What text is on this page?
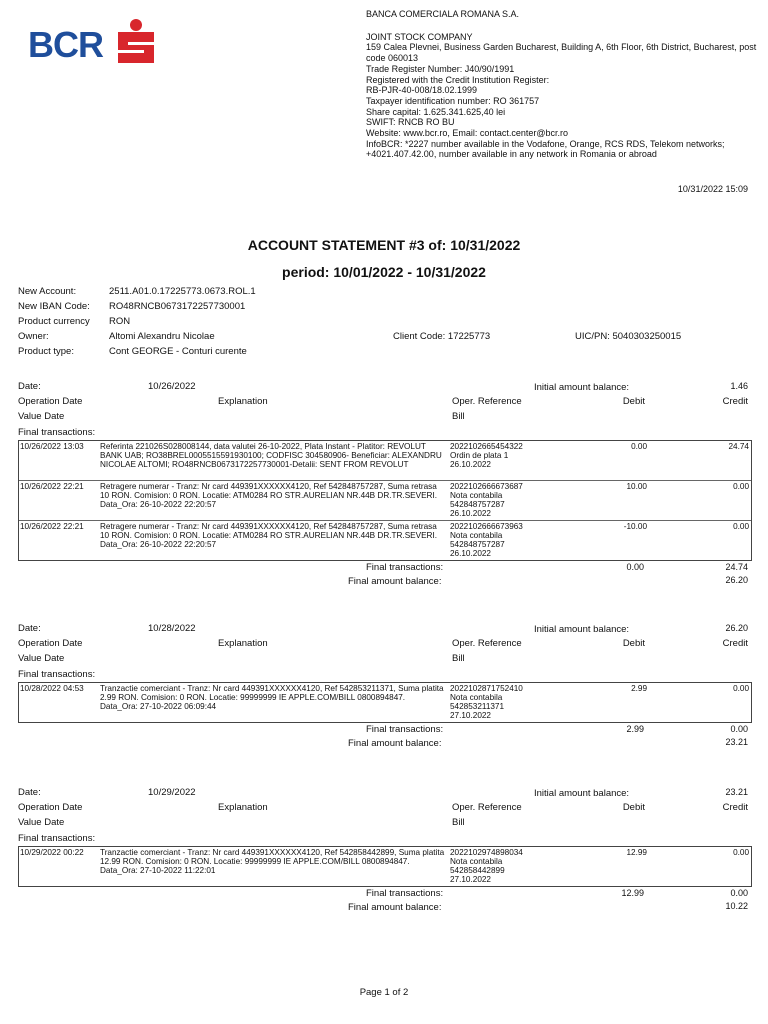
BCR
BANCA COMERCIALA ROMANA S.A.
JOINT STOCK COMPANY
159 Calea Plevnei, Business Garden Bucharest, Building A, 6th Floor, 6th District, Bucharest, post code 060013
Trade Register Number: J40/90/1991
Registered with the Credit Institution Register:
RB-PJR-40-008/18.02.1999
Taxpayer identification number: RO 361757
Share capital: 1.625.341.625,40 lei
SWIFT: RNCB RO BU
Website: www.bcr.ro, Email: contact.center@bcr.ro
InfoBCR: *2227 number available in the Vodafone, Orange, RCS RDS, Telekom networks;
+4021.407.42.00, number available in any network in Romania or abroad
10/31/2022 15:09
ACCOUNT STATEMENT #3 of: 10/31/2022
period: 10/01/2022 - 10/31/2022
New Account:	2511.A01.0.17225773.0673.ROL.1
New IBAN Code: RO48RNCB0673172257730001
Product currency RON
Owner:	Altomi Alexandru Nicolae	Client Code: 17225773	UIC/PN: 5040303250015
Product type:	Cont GEORGE - Conturi curente
Date:	10/26/2022	Initial amount balance:	1.46
Operation Date	Explanation	Oper. Reference	Debit	Credit
Value Date	Bill
Final transactions:
10/26/2022 13:03	Referinta 221026S028008144, data valutei 26-10-2022, Plata Instant - Platitor: REVOLUT BANK UAB; RO38BREL0005515591930100; CODFISC 304580906- Beneficiar: ALEXANDRU NICOLAE ALTOMI; RO48RNCB0673172257730001-Detalii: SENT FROM REVOLUT
2022102665454322
Ordin de plata 1
26.10.2022
0.00	24.74
10/26/2022 22:21	Retragere numerar - Tranz: Nr card 449391XXXXXX4120, Ref 542848757287, Suma retrasa 10 RON. Comision: 0 RON. Locatie: ATM0284 RO STR.AURELIAN NR.44B DR.TR.SEVERI. Data_Ora: 26-10-2022 22:20:57
2022102666673687
Nota contabila
542848757287
26.10.2022
10.00	0.00
10/26/2022 22:21	Retragere numerar - Tranz: Nr card 449391XXXXXX4120, Ref 542848757287, Suma retrasa 10 RON. Comision: 0 RON. Locatie: ATM0284 RO STR.AURELIAN NR.44B DR.TR.SEVERI. Data_Ora: 26-10-2022 22:20:57
2022102666673963
Nota contabila
542848757287
26.10.2022
-10.00	0.00
Final transactions:	0.00	24.74
Final amount balance:	26.20
Date:	10/28/2022	Initial amount balance:	26.20
Operation Date	Explanation	Oper. Reference	Debit	Credit
Value Date	Bill
Final transactions:
10/28/2022 04:53	Tranzactie comerciant - Tranz: Nr card 449391XXXXXX4120, Ref 542853211371, Suma platita 2.99 RON. Comision: 0 RON. Locatie: 99999999 IE APPLE.COM/BILL 0800894847. Data_Ora: 27-10-2022 06:09:44
2022102871752410
Nota contabila
542853211371
27.10.2022
2.99	0.00
Final transactions:	2.99	0.00
Final amount balance:	23.21
Date:	10/29/2022	Initial amount balance:	23.21
Operation Date	Explanation	Oper. Reference	Debit	Credit
Value Date	Bill
Final transactions:
10/29/2022 00:22	Tranzactie comerciant - Tranz: Nr card 449391XXXXXX4120, Ref 542858442899, Suma platita 12.99 RON. Comision: 0 RON. Locatie: 99999999 IE APPLE.COM/BILL 0800894847. Data_Ora: 27-10-2022 11:22:01
2022102974898034
Nota contabila
542858442899
27.10.2022
12.99	0.00
Final transactions:	12.99	0.00
Final amount balance:	10.22
Page 1 of 2
